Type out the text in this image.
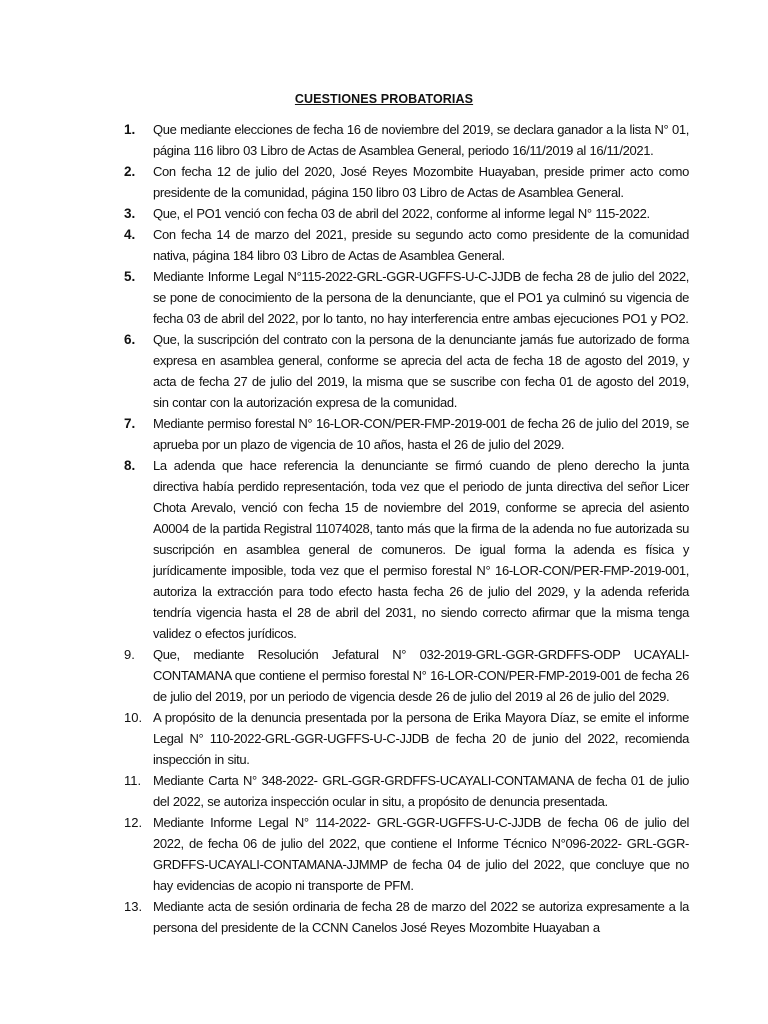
CUESTIONES PROBATORIAS
1.	Que mediante elecciones de fecha 16 de noviembre del 2019, se declara ganador a la lista N° 01, página 116 libro 03 Libro de Actas de Asamblea General, periodo 16/11/2019 al 16/11/2021.
2.	Con fecha 12 de julio del 2020, José Reyes Mozombite Huayaban, preside primer acto como presidente de la comunidad, página 150 libro 03 Libro de Actas de Asamblea General.
3.	Que, el PO1 venció con fecha 03 de abril del 2022, conforme al informe legal N° 115-2022.
4.	Con fecha 14 de marzo del 2021, preside su segundo acto como presidente de la comunidad nativa, página 184 libro 03 Libro de Actas de Asamblea General.
5.	Mediante Informe Legal N°115-2022-GRL-GGR-UGFFS-U-C-JJDB de fecha 28 de julio del 2022, se pone de conocimiento de la persona de la denunciante, que el PO1 ya culminó su vigencia de fecha 03 de abril del 2022, por lo tanto, no hay interferencia entre ambas ejecuciones PO1 y PO2.
6.	Que, la suscripción del contrato con la persona de la denunciante jamás fue autorizado de forma expresa en asamblea general, conforme se aprecia del acta de fecha 18 de agosto del 2019, y acta de fecha 27 de julio del 2019, la misma que se suscribe con fecha 01 de agosto del 2019, sin contar con la autorización expresa de la comunidad.
7.	Mediante permiso forestal N° 16-LOR-CON/PER-FMP-2019-001 de fecha 26 de julio del 2019, se aprueba por un plazo de vigencia de 10 años, hasta el 26 de julio del 2029.
8.	La adenda que hace referencia la denunciante se firmó cuando de pleno derecho la junta directiva había perdido representación, toda vez que el periodo de junta directiva del señor Licer Chota Arevalo, venció con fecha 15 de noviembre del 2019, conforme se aprecia del asiento A0004 de la partida Registral 11074028, tanto más que la firma de la adenda no fue autorizada su suscripción en asamblea general de comuneros. De igual forma la adenda es física y jurídicamente imposible, toda vez que el permiso forestal N° 16-LOR-CON/PER-FMP-2019-001, autoriza la extracción para todo efecto hasta fecha 26 de julio del 2029, y la adenda referida tendría vigencia hasta el 28 de abril del 2031, no siendo correcto afirmar que la misma tenga validez o efectos jurídicos.
9.	Que, mediante Resolución Jefatural N° 032-2019-GRL-GGR-GRDFFS-ODP UCAYALI-CONTAMANA que contiene el permiso forestal N° 16-LOR-CON/PER-FMP-2019-001 de fecha 26 de julio del 2019, por un periodo de vigencia desde 26 de julio del 2019 al 26 de julio del 2029.
10. A propósito de la denuncia presentada por la persona de Erika Mayora Díaz, se emite el informe Legal N° 110-2022-GRL-GGR-UGFFS-U-C-JJDB de fecha 20 de junio del 2022, recomienda inspección in situ.
11. Mediante Carta N° 348-2022- GRL-GGR-GRDFFS-UCAYALI-CONTAMANA de fecha 01 de julio del 2022, se autoriza inspección ocular in situ, a propósito de denuncia presentada.
12. Mediante Informe Legal N° 114-2022- GRL-GGR-UGFFS-U-C-JJDB de fecha 06 de julio del 2022, de fecha 06 de julio del 2022, que contiene el Informe Técnico N°096-2022- GRL-GGR-GRDFFS-UCAYALI-CONTAMANA-JJMMP de fecha 04 de julio del 2022, que concluye que no hay evidencias de acopio ni transporte de PFM.
13. Mediante acta de sesión ordinaria de fecha 28 de marzo del 2022 se autoriza expresamente a la persona del presidente de la CCNN Canelos José Reyes Mozombite Huayaban a
